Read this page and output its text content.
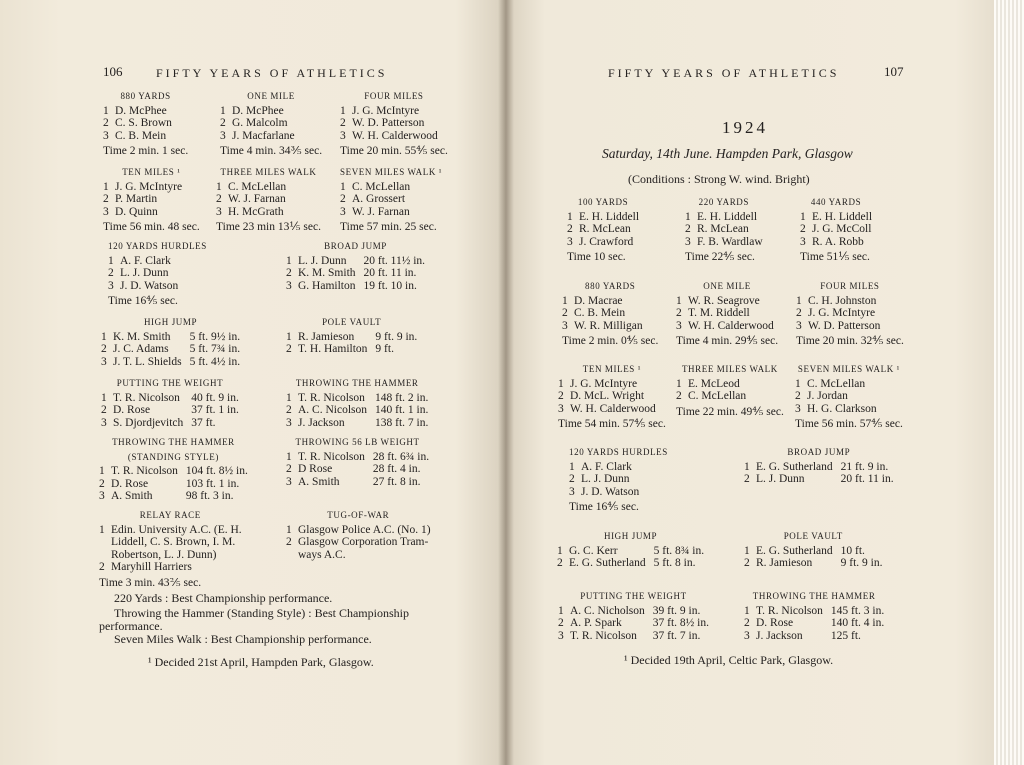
106	FIFTY YEARS OF ATHLETICS	FIFTY YEARS OF ATHLETICS	107
1924
Saturday, 14th June. Hampden Park, Glasgow
(Conditions : Strong W. wind. Bright)
880 YARDS
1 D. McPhee
2 C. S. Brown
3 C. B. Mein
Time 2 min. 1 sec.
ONE MILE
1 D. McPhee
2 G. Malcolm
3 J. Macfarlane
Time 4 min. 34⅗ sec.
FOUR MILES
1 J. G. McIntyre
2 W. D. Patterson
3 W. H. Calderwood
Time 20 min. 55⅘ sec.
TEN MILES ¹
1 J. G. McIntyre
2 P. Martin
3 D. Quinn
Time 56 min. 48 sec.
THREE MILES WALK
1 C. McLellan
2 W. J. Farnan
3 H. McGrath
Time 23 min 13⅕ sec.
SEVEN MILES WALK ¹
1 C. McLellan
2 A. Grossert
3 W. J. Farnan
Time 57 min. 25 sec.
120 YARDS HURDLES
1 A. F. Clark
2 L. J. Dunn
3 J. D. Watson
Time 16⅘ sec.
BROAD JUMP
1 L. J. Dunn	20 ft. 11½ in.
2 K. M. Smith 20 ft. 11 in.
3 G. Hamilton 19 ft. 10 in.
HIGH JUMP
1 K. M. Smith	5 ft. 9½ in.
2 J. C. Adams	5 ft. 7¾ in.
3 J. T. L. Shields 5 ft. 4½ in.
POLE VAULT
1 R. Jamieson	9 ft. 9 in.
2 T. H. Hamilton 9 ft.
PUTTING THE WEIGHT
1 T. R. Nicolson 40 ft. 9 in.
2 D. Rose	37 ft. 1 in.
3 S. Djordjevitch 37 ft.
THROWING THE HAMMER
1 T. R. Nicolson 148 ft. 2 in.
2 A. C. Nicolson 140 ft. 1 in.
3 J. Jackson	138 ft. 7 in.
THROWING THE HAMMER
(STANDING STYLE)
1 T. R. Nicolson 104 ft. 8½ in.
2 D. Rose	103 ft. 1 in.
3 A. Smith	98 ft. 3 in.
THROWING 56 LB WEIGHT
1 T. R. Nicolson 28 ft. 6¾ in.
2 D Rose	28 ft. 4 in.
3 A. Smith	27 ft. 8 in.
RELAY RACE
1 Edin. University A.C. (E. H.
Liddell, C. S. Brown, I. M.
Robertson, L. J. Dunn)
2 Maryhill Harriers
Time 3 min. 43⅖ sec.
TUG-OF-WAR
1 Glasgow Police A.C. (No. 1)
2 Glasgow Corporation Tram-
ways A.C.
220 Yards : Best Championship performance.
Throwing the Hammer (Standing Style) : Best Championship
performance.
Seven Miles Walk : Best Championship performance.
¹ Decided 21st April, Hampden Park, Glasgow.
100 YARDS
1 E. H. Liddell
2 R. McLean
3 J. Crawford
Time 10 sec.
220 YARDS
1 E. H. Liddell
2 R. McLean
3 F. B. Wardlaw
Time 22⅘ sec.
440 YARDS
1 E. H. Liddell
2 J. G. McColl
3 R. A. Robb
Time 51⅕ sec.
880 YARDS
1 D. Macrae
2 C. B. Mein
3 W. R. Milligan
Time 2 min. 0⅘ sec.
ONE MILE
1 W. R. Seagrove
2 T. M. Riddell
3 W. H. Calderwood
Time 4 min. 29⅘ sec.
FOUR MILES
1 C. H. Johnston
2 J. G. McIntyre
3 W. D. Patterson
Time 20 min. 32⅘ sec.
TEN MILES ¹
1 J. G. McIntyre
2 D. McL. Wright
3 W. H. Calderwood
Time 54 min. 57⅘ sec.
THREE MILES WALK
1 E. McLeod
2 C. McLellan
Time 22 min. 49⅘ sec.
SEVEN MILES WALK ¹
1 C. McLellan
2 J. Jordan
3 H. G. Clarkson
Time 56 min. 57⅘ sec.
120 YARDS HURDLES
1 A. F. Clark
2 L. J. Dunn
3 J. D. Watson
Time 16⅘ sec.
BROAD JUMP
1 E. G. Sutherland 21 ft. 9 in.
2 L. J. Dunn	20 ft. 11 in.
HIGH JUMP
1 G. C. Kerr	5 ft. 8¾ in.
2 E. G. Sutherland 5 ft. 8 in.
POLE VAULT
1 E. G. Sutherland 10 ft.
2 R. Jamieson	9 ft. 9 in.
PUTTING THE WEIGHT
1 A. C. Nicholson 39 ft. 9 in.
2 A. P. Spark	37 ft. 8½ in.
3 T. R. Nicolson	37 ft. 7 in.
THROWING THE HAMMER
1 T. R. Nicolson 145 ft. 3 in.
2 D. Rose	140 ft. 4 in.
3 J. Jackson	125 ft.
¹ Decided 19th April, Celtic Park, Glasgow.
